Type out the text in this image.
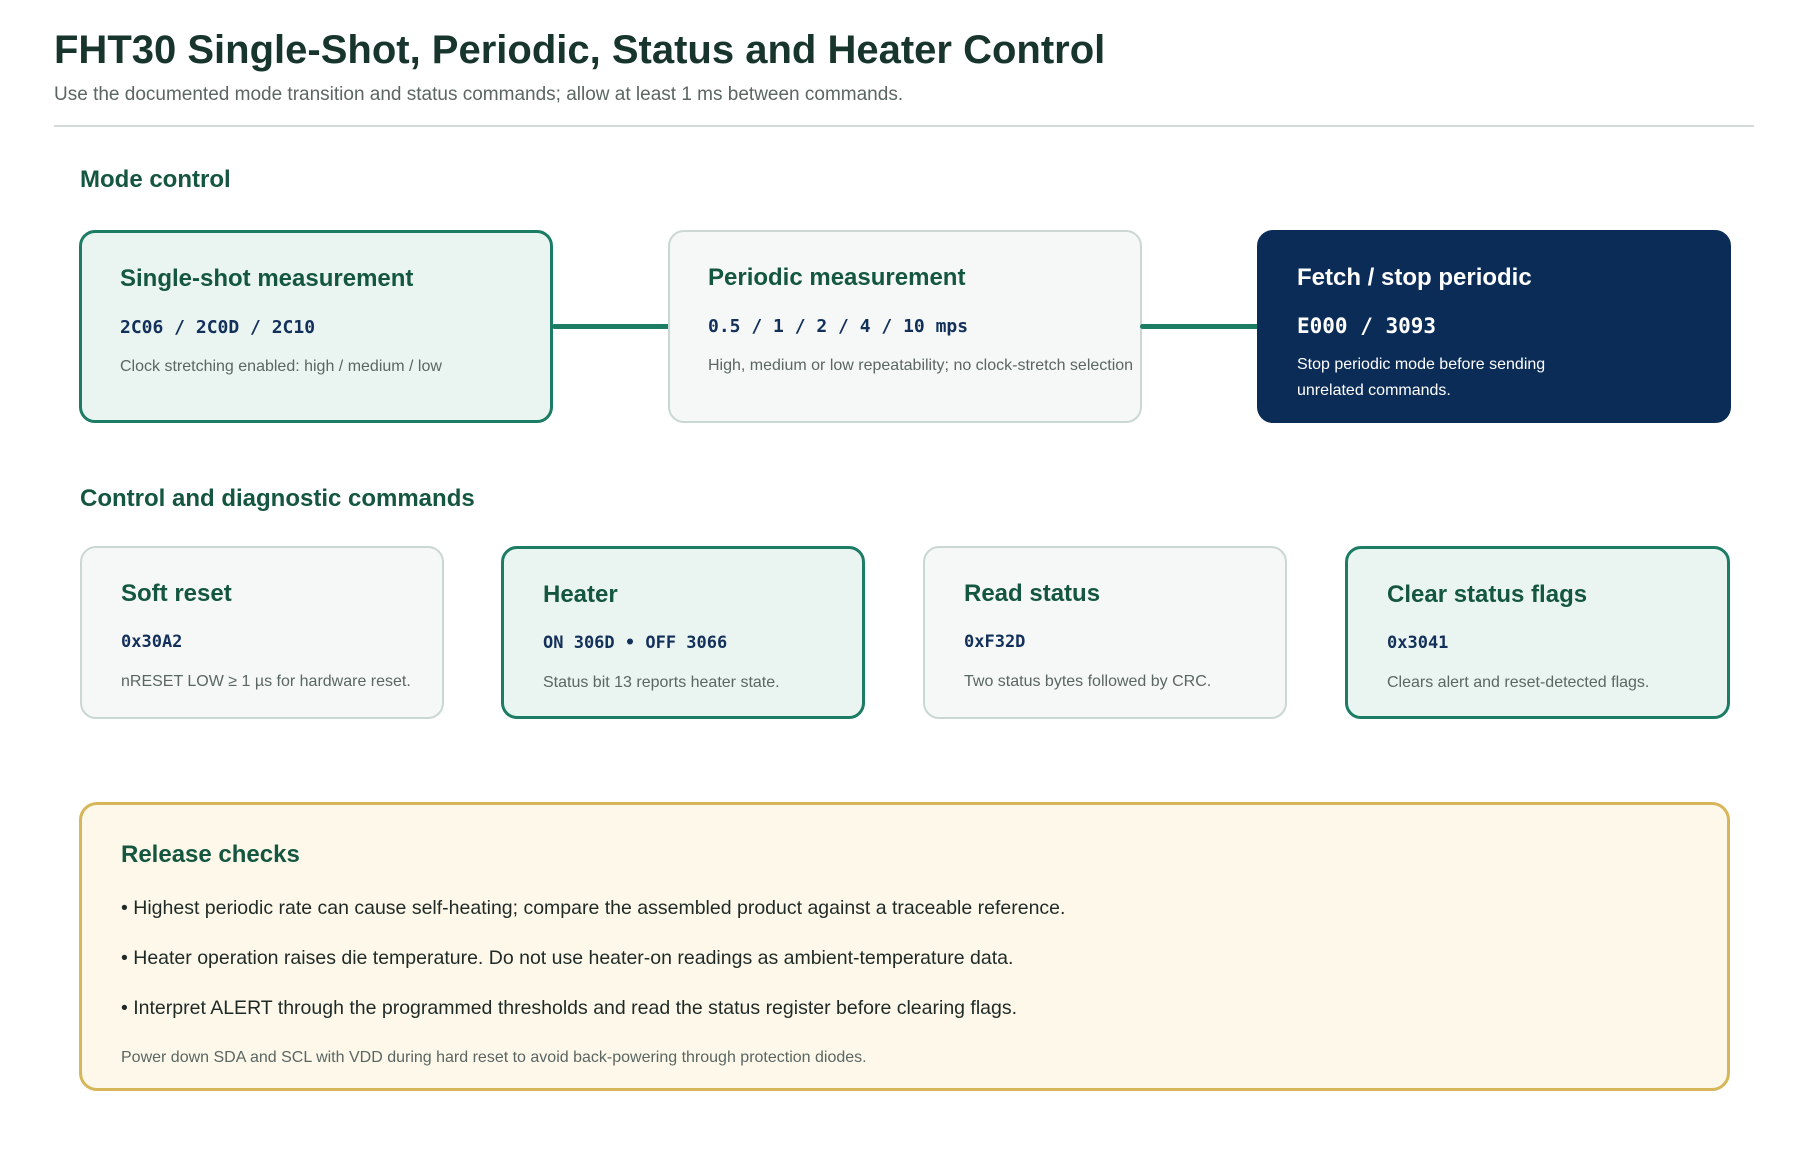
FHT30 Single-Shot, Periodic, Status and Heater Control

Use the documented mode transition and status commands; allow at least 1 ms between commands.

Mode control
Single-shot measurement

2C06 / 2C0D / 2C10

Clock stretching enabled: high / medium / low

Periodic measurement

0.5 / 1 / 2 / 4 / 10 mps

High, medium or low repeatability; no clock-stretch selection

Fetch / stop periodic

E000 / 3093

Stop periodic mode before sending unrelated commands.

Control and diagnostic commands
Soft reset

0x30A2

nRESET LOW ≥ 1 µs for hardware reset.

Heater

ON 306D • OFF 3066

Status bit 13 reports heater state.

Read status

0xF32D

Two status bytes followed by CRC.

Clear status flags

0x3041

Clears alert and reset-detected flags.

Release checks
• Highest periodic rate can cause self-heating; compare the assembled product against a traceable reference.
• Heater operation raises die temperature. Do not use heater-on readings as ambient-temperature data.
• Interpret ALERT through the programmed thresholds and read the status register before clearing flags.

Power down SDA and SCL with VDD during hard reset to avoid back-powering through protection diodes.
